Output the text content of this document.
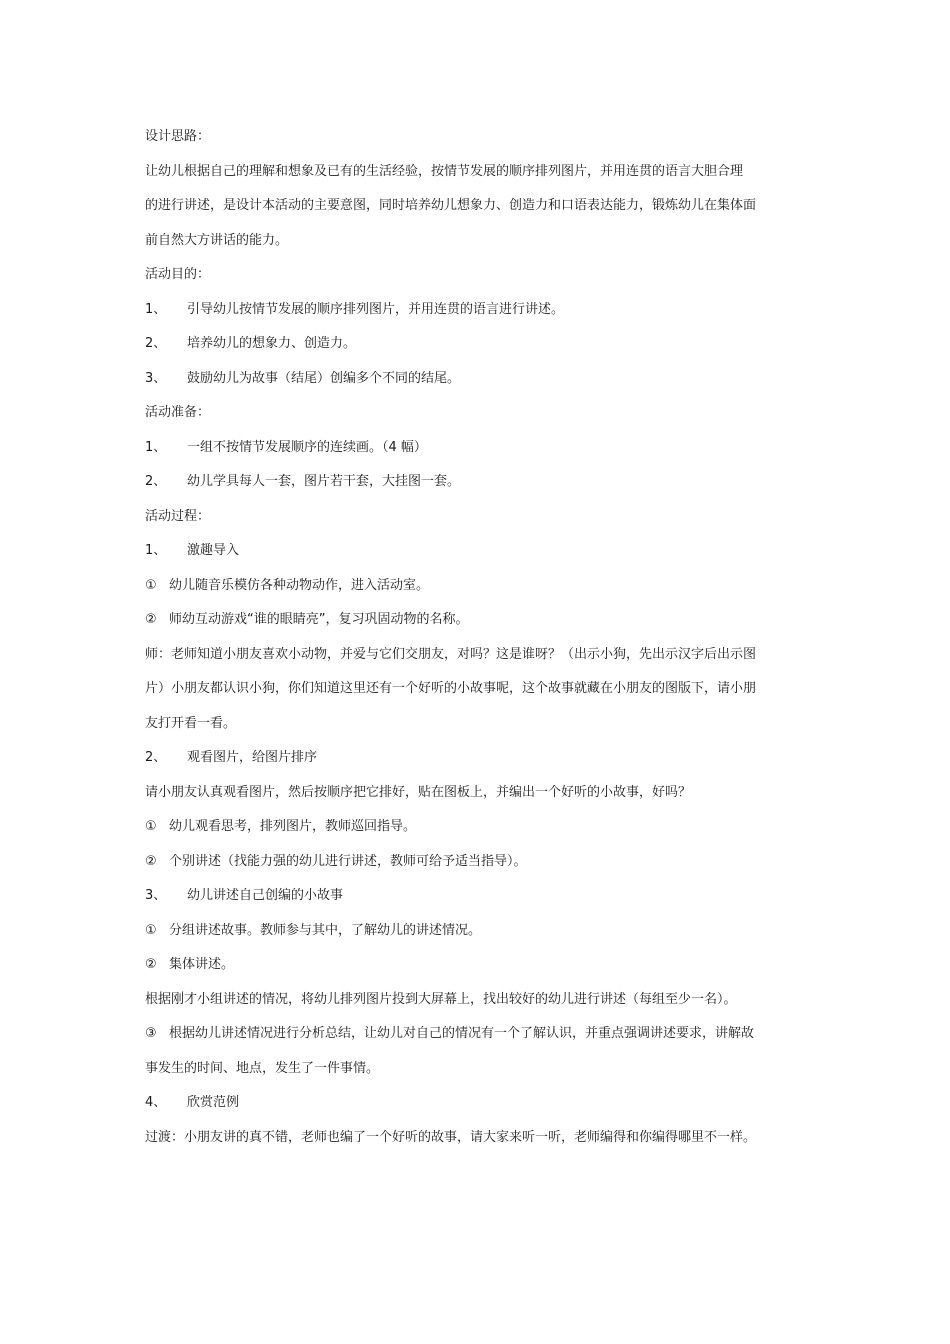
设计思路：
让幼儿根据自己的理解和想象及已有的生活经验，按情节发展的顺序排列图片，并用连贯的语言大胆合理
的进行讲述，是设计本活动的主要意图，同时培养幼儿想象力、创造力和口语表达能力，锻炼幼儿在集体面
前自然大方讲话的能力。
活动目的：
1、 引导幼儿按情节发展的顺序排列图片，并用连贯的语言进行讲述。
2、 培养幼儿的想象力、创造力。
3、 鼓励幼儿为故事（结尾）创编多个不同的结尾。
活动准备：
1、 一组不按情节发展顺序的连续画。（4 幅）
2、 幼儿学具每人一套，图片若干套，大挂图一套。
活动过程：
1、 激趣导入
① 幼儿随音乐模仿各种动物动作，进入活动室。
② 师幼互动游戏“谁的眼睛亮”，复习巩固动物的名称。
师：老师知道小朋友喜欢小动物，并爱与它们交朋友，对吗？这是谁呀？（出示小狗，先出示汉字后出示图
片）小朋友都认识小狗，你们知道这里还有一个好听的小故事呢，这个故事就藏在小朋友的图版下，请小朋
友打开看一看。
2、 观看图片，给图片排序
请小朋友认真观看图片，然后按顺序把它排好，贴在图板上，并编出一个好听的小故事，好吗？
① 幼儿观看思考，排列图片，教师巡回指导。
② 个别讲述（找能力强的幼儿进行讲述，教师可给予适当指导）。
3、 幼儿讲述自己创编的小故事
① 分组讲述故事。教师参与其中，了解幼儿的讲述情况。
② 集体讲述。
根据刚才小组讲述的情况，将幼儿排列图片投到大屏幕上，找出较好的幼儿进行讲述（每组至少一名）。
③ 根据幼儿讲述情况进行分析总结，让幼儿对自己的情况有一个了解认识，并重点强调讲述要求，讲解故
事发生的时间、地点，发生了一件事情。
4、 欣赏范例
过渡：小朋友讲的真不错，老师也编了一个好听的故事，请大家来听一听，老师编得和你编得哪里不一样。
